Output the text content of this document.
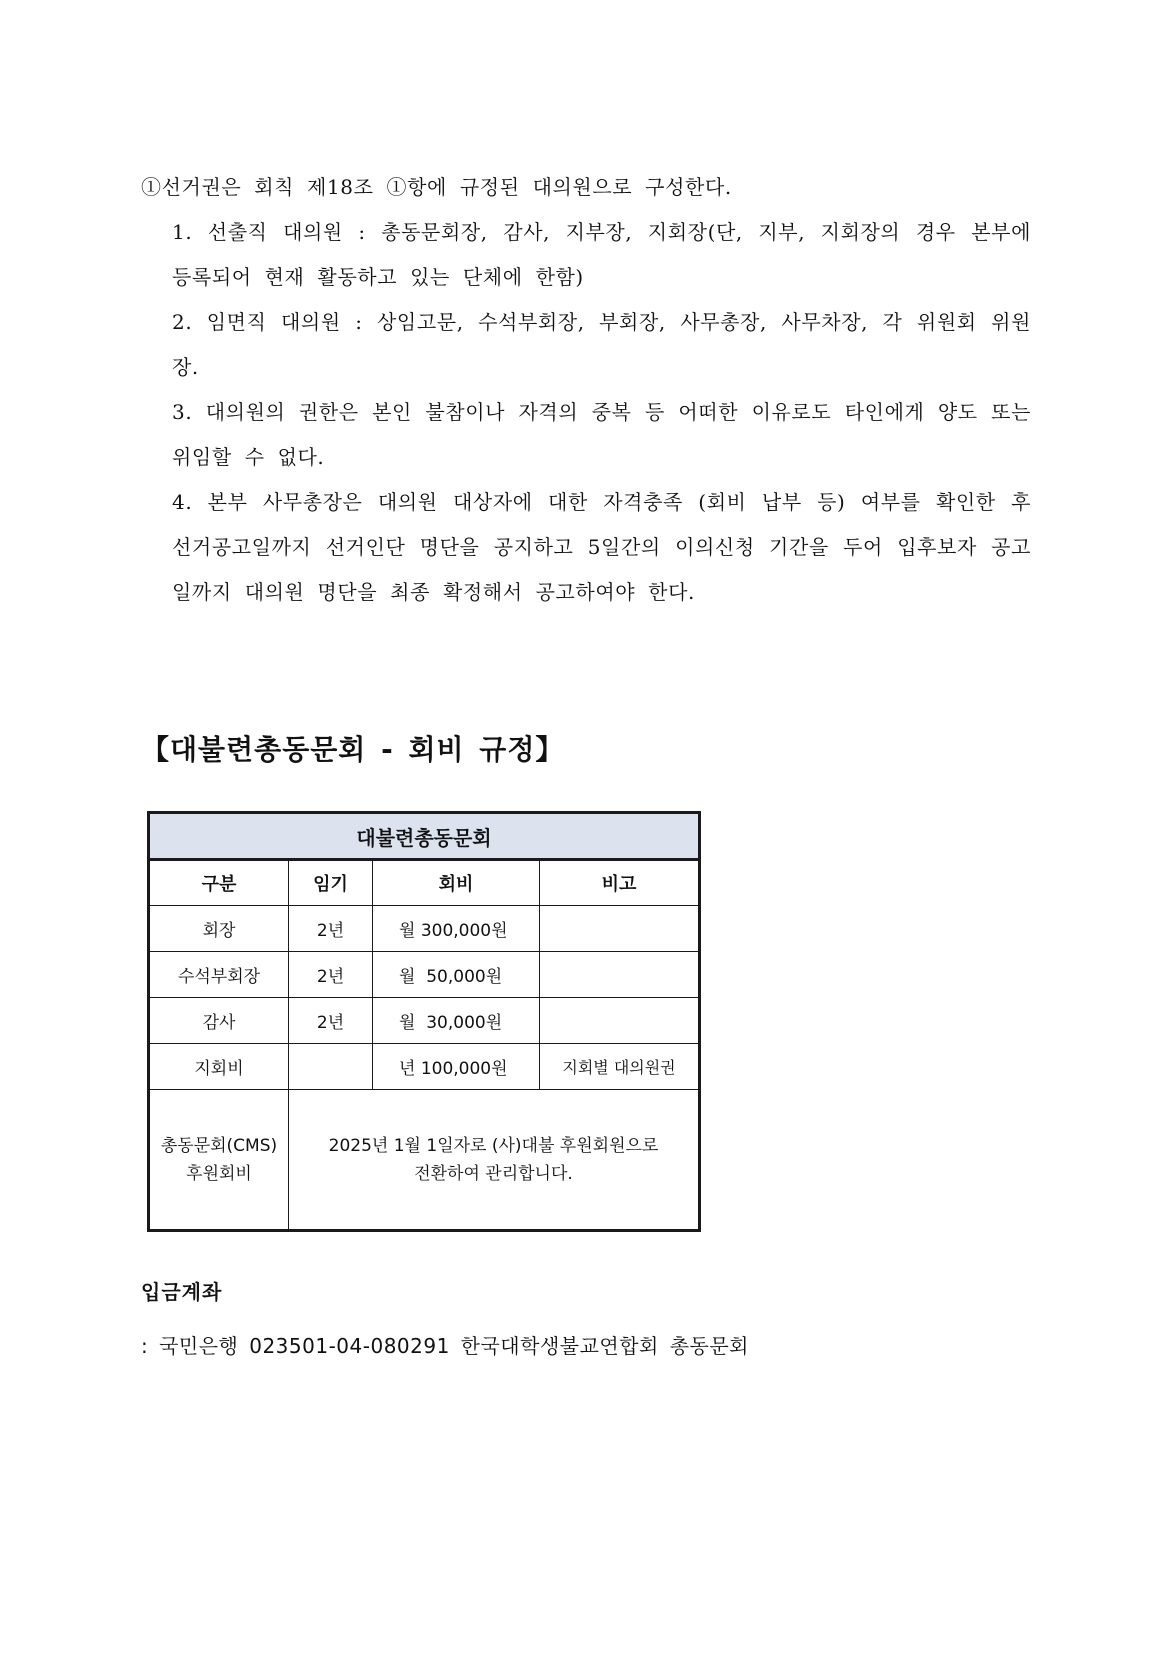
①선거권은 회칙 제18조 ①항에 규정된 대의원으로 구성한다.

1. 선출직 대의원 : 총동문회장, 감사, 지부장, 지회장(단, 지부, 지회장의 경우 본부에 등록되어 현재 활동하고 있는 단체에 한함)

2. 임면직 대의원 : 상임고문, 수석부회장, 부회장, 사무총장, 사무차장, 각 위원회 위원장.

3. 대의원의 권한은 본인 불참이나 자격의 중복 등 어떠한 이유로도 타인에게 양도 또는 위임할 수 없다.

4. 본부 사무총장은 대의원 대상자에 대한 자격충족 (회비 납부 등) 여부를 확인한 후 선거공고일까지 선거인단 명단을 공지하고 5일간의 이의신청 기간을 두어 입후보자 공고일까지 대의원 명단을 최종 확정해서 공고하여야 한다.

【대불련총동문회 - 회비 규정】
대불련총동문회			
구분	임기	회비	비고
회장	2년	월 300,000원	
수석부회장	2년	월  50,000원	
감사	2년	월  30,000원	
지회비		년 100,000원	지회별 대의원권
총동문회(CMS)
후원회비	2025년 1월 1일자로 (사)대불 후원회원으로
전환하여 관리합니다.		

입금계좌

: 국민은행 023501-04-080291 한국대학생불교연합회 총동문회
